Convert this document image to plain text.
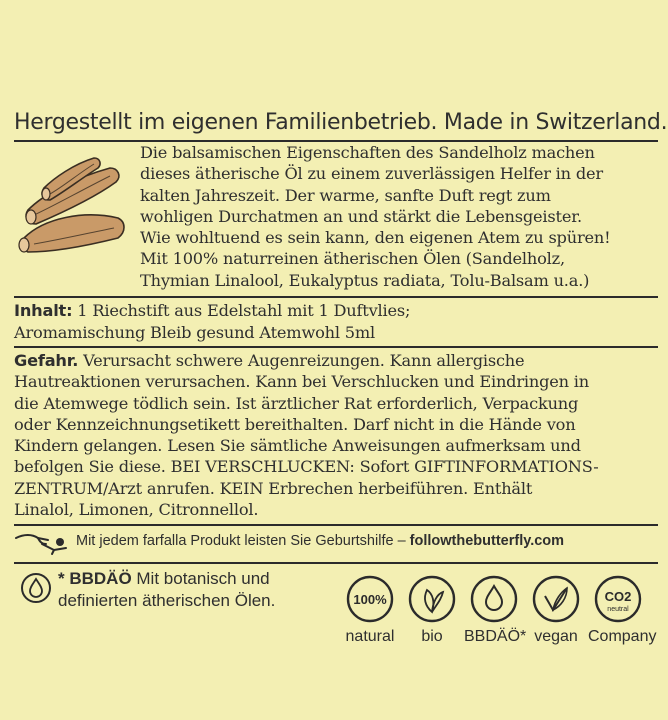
Hergestellt im eigenen Familienbetrieb. Made in Switzerland.
Die balsamischen Eigenschaften des Sandelholz machen
dieses ätherische Öl zu einem zuverlässigen Helfer in der
kalten Jahreszeit. Der warme, sanfte Duft regt zum
wohligen Durchatmen an und stärkt die Lebensgeister.
Wie wohltuend es sein kann, den eigenen Atem zu spüren!
Mit 100% naturreinen ätherischen Ölen (Sandelholz,
Thymian Linalool, Eukalyptus radiata, Tolu-Balsam u.a.)
Inhalt: 1 Riechstift aus Edelstahl mit 1 Duftvlies;
Aromamischung Bleib gesund Atemwohl 5ml
Gefahr. Verursacht schwere Augenreizungen. Kann allergische
Hautreaktionen verursachen. Kann bei Verschlucken und Eindringen in
die Atemwege tödlich sein. Ist ärztlicher Rat erforderlich, Verpackung
oder Kennzeichnungsetikett bereithalten. Darf nicht in die Hände von
Kindern gelangen. Lesen Sie sämtliche Anweisungen aufmerksam und
befolgen Sie diese. BEI VERSCHLUCKEN: Sofort GIFTINFORMATIONS-
ZENTRUM/Arzt anrufen. KEIN Erbrechen herbeiführen. Enthält
Linalol, Limonen, Citronnellol.
Mit jedem farfalla Produkt leisten Sie Geburtshilfe – followthebutterfly.com
* BBDÄÖ Mit botanisch und
definierten ätherischen Ölen.	100%
natural	bio	BBDÄÖ* vegan
CO2
neutral
Company
